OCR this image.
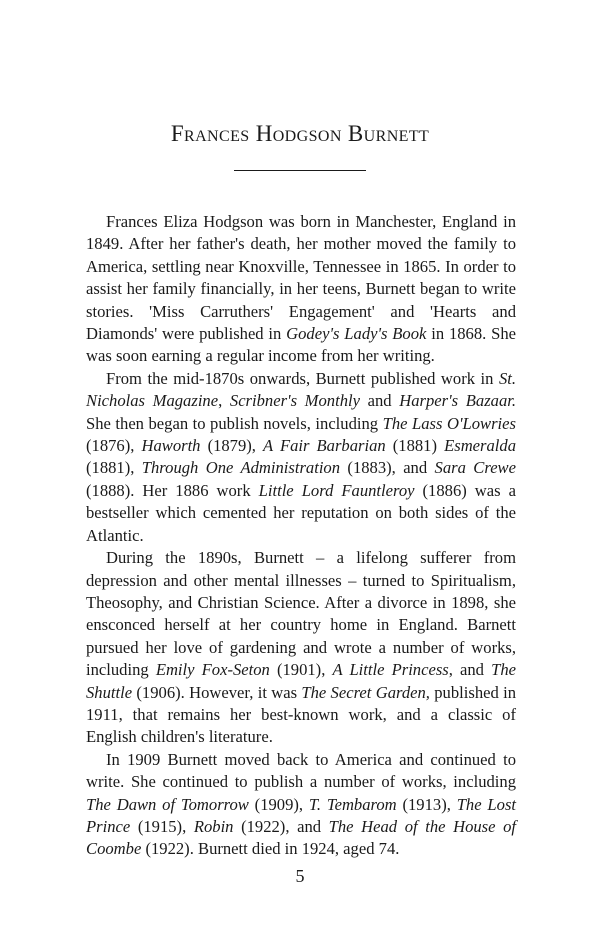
Frances Hodgson Burnett

Frances Eliza Hodgson was born in Manchester, England in 1849. After her father's death, her mother moved the family to America, settling near Knoxville, Tennessee in 1865. In order to assist her family financially, in her teens, Burnett began to write stories. 'Miss Carruthers' Engagement' and 'Hearts and Diamonds' were published in Godey's Lady's Book in 1868. She was soon earning a regular income from her writing.

From the mid-1870s onwards, Burnett published work in St. Nicholas Magazine, Scribner's Monthly and Harper's Bazaar. She then began to publish novels, including The Lass O'Lowries (1876), Haworth (1879), A Fair Barbarian (1881) Esmeralda (1881), Through One Administration (1883), and Sara Crewe (1888). Her 1886 work Little Lord Fauntleroy (1886) was a bestseller which cemented her reputation on both sides of the Atlantic.

During the 1890s, Burnett – a lifelong sufferer from depression and other mental illnesses – turned to Spiritualism, Theosophy, and Christian Science. After a divorce in 1898, she ensconced herself at her country home in England. Barnett pursued her love of gardening and wrote a number of works, including Emily Fox-Seton (1901), A Little Princess, and The Shuttle (1906). However, it was The Secret Garden, published in 1911, that remains her best-known work, and a classic of English children's literature.

In 1909 Burnett moved back to America and continued to write. She continued to publish a number of works, including The Dawn of Tomorrow (1909), T. Tembarom (1913), The Lost Prince (1915), Robin (1922), and The Head of the House of Coombe (1922). Burnett died in 1924, aged 74.

5
